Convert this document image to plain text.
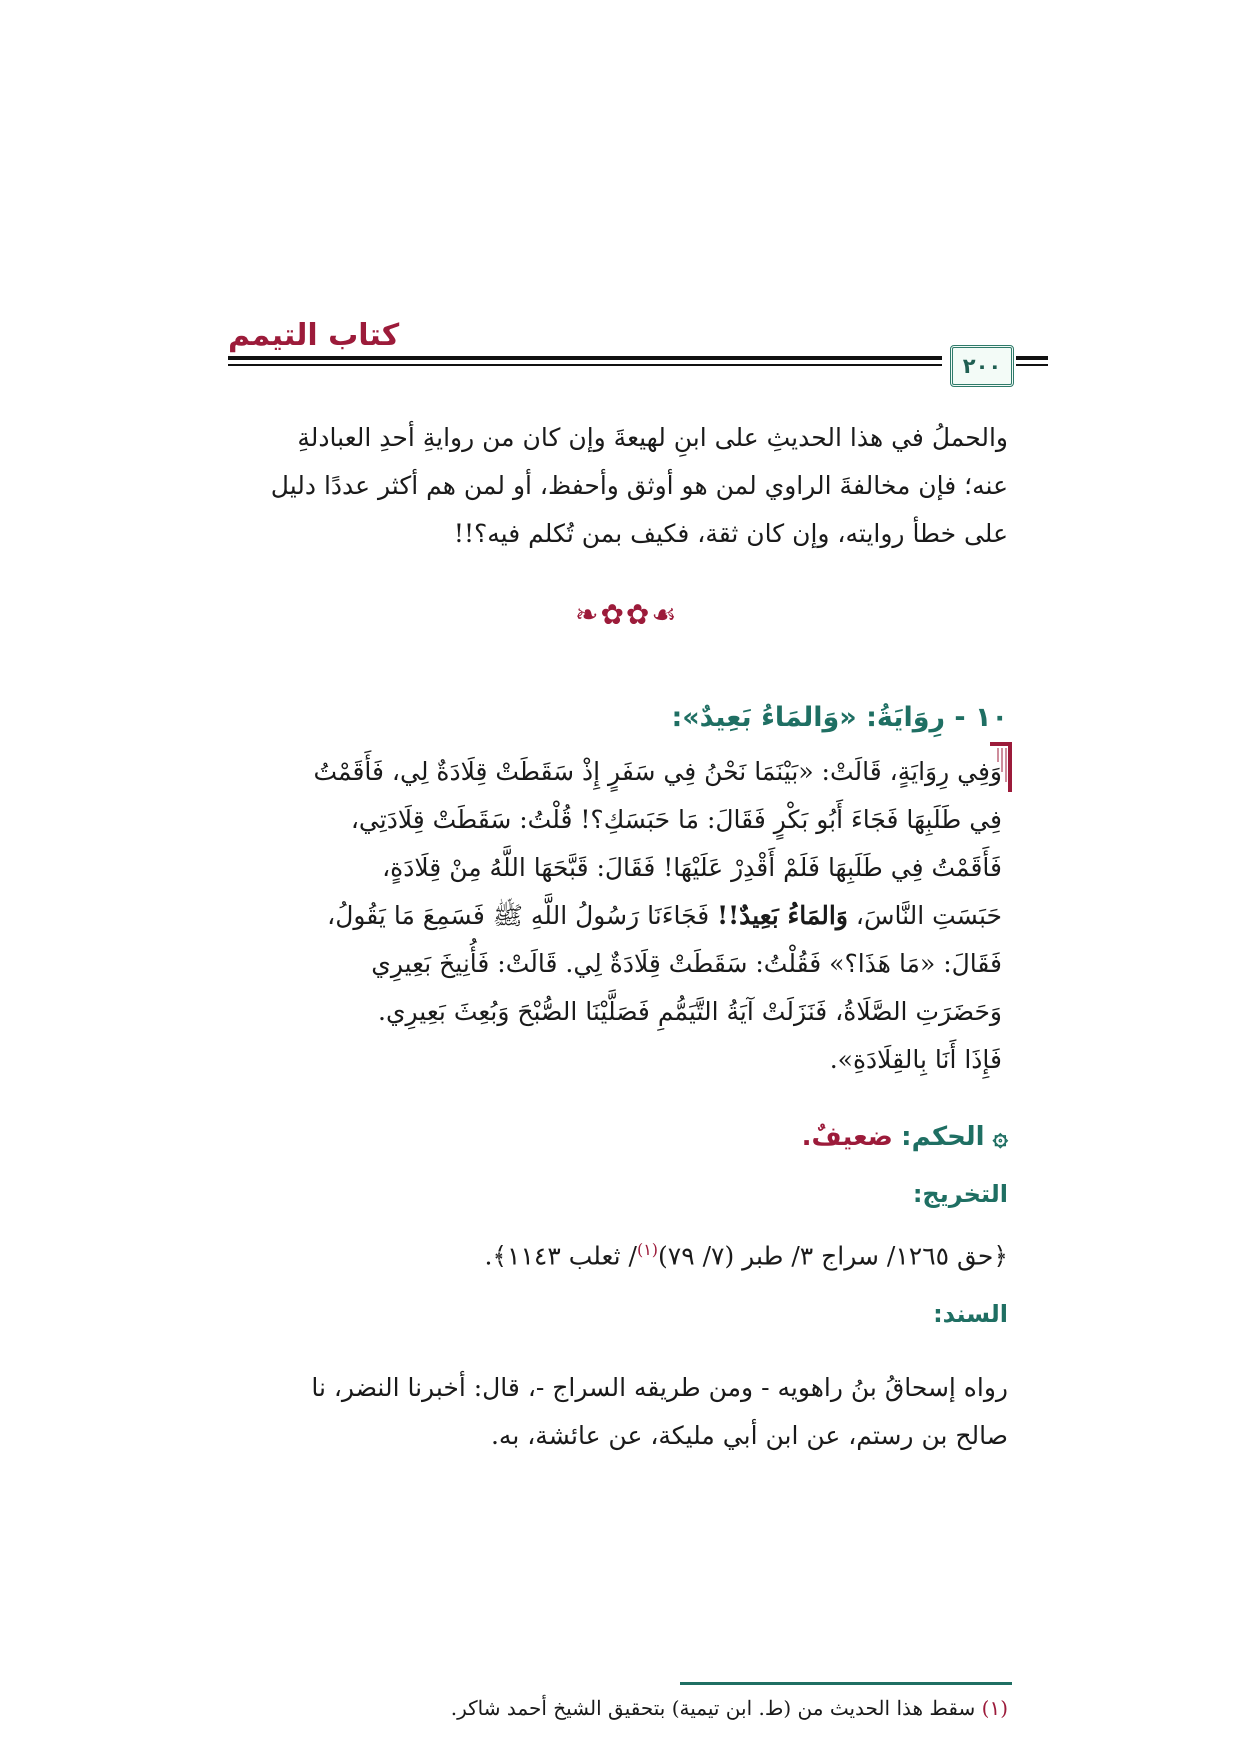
كتاب التيمم
٢٠٠
والحملُ في هذا الحديثِ على ابنِ لهيعةَ وإن كان من روايةِ أحدِ العبادلةِ
عنه؛ فإن مخالفةَ الراوي لمن هو أوثق وأحفظ، أو لمن هم أكثر عددًا دليل
على خطأ روايته، وإن كان ثقة، فكيف بمن تُكلم فيه؟!!
❧✿✿☙
١٠ - رِوَايَةُ: «وَالمَاءُ بَعِيدٌ»:
وَفِي رِوَايَةٍ، قَالَتْ: «بَيْنَمَا نَحْنُ فِي سَفَرٍ إِذْ سَقَطَتْ قِلَادَةٌ لِي، فَأَقَمْتُ
فِي طَلَبِهَا فَجَاءَ أَبُو بَكْرٍ فَقَالَ: مَا حَبَسَكِ؟! قُلْتُ: سَقَطَتْ قِلَادَتِي،
فَأَقَمْتُ فِي طَلَبِهَا فَلَمْ أَقْدِرْ عَلَيْهَا! فَقَالَ: قَبَّحَهَا اللَّهُ مِنْ قِلَادَةٍ،
حَبَسَتِ النَّاسَ، وَالمَاءُ بَعِيدٌ!! فَجَاءَنَا رَسُولُ اللَّهِ ﷺ فَسَمِعَ مَا يَقُولُ،
فَقَالَ: «مَا هَذَا؟» فَقُلْتُ: سَقَطَتْ قِلَادَةٌ لِي. قَالَتْ: فَأُنِيخَ بَعِيرِي
وَحَضَرَتِ الصَّلَاةُ، فَنَزَلَتْ آيَةُ التَّيَمُّمِ فَصَلَّيْنَا الصُّبْحَ وَبُعِثَ بَعِيرِي.
فَإِذَا أَنَا بِالقِلَادَةِ».
۞ الحكم: ضعيفٌ.
التخريج:
﴿حق ١٢٦٥/ سراج ٣/ طبر (٧/ ٧٩)$^{(١)}$/ ثعلب ١١٤٣﴾.
السند:
رواه إسحاقُ بنُ راهويه - ومن طريقه السراج -، قال: أخبرنا النضر، نا
صالح بن رستم، عن ابن أبي مليكة، عن عائشة، به.
(١) سقط هذا الحديث من (ط. ابن تيمية) بتحقيق الشيخ أحمد شاكر.
